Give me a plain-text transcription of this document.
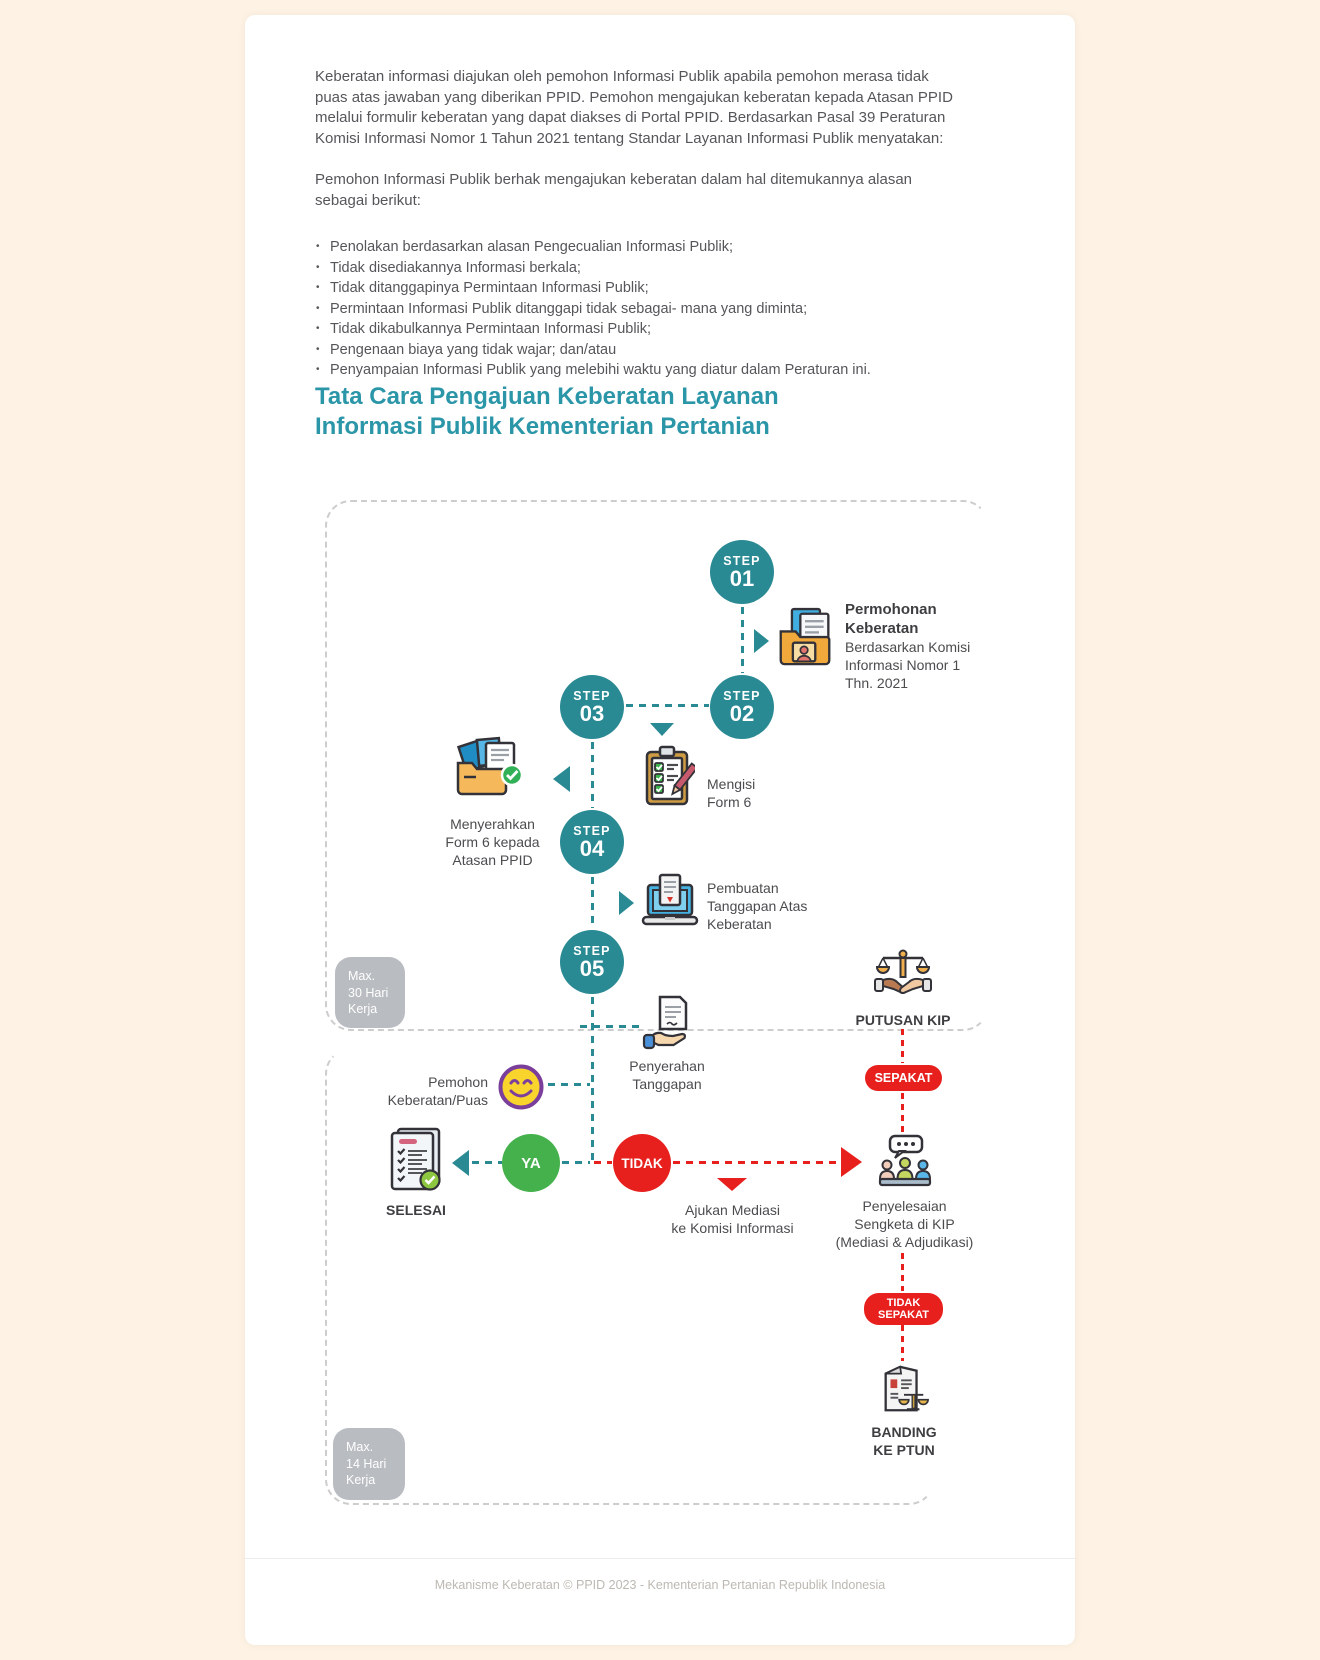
Keberatan informasi diajukan oleh pemohon Informasi Publik apabila pemohon merasa tidak puas atas jawaban yang diberikan PPID. Pemohon mengajukan keberatan kepada Atasan PPID melalui formulir keberatan yang dapat diakses di Portal PPID. Berdasarkan Pasal 39 Peraturan Komisi Informasi Nomor 1 Tahun 2021 tentang Standar Layanan Informasi Publik menyatakan:
Pemohon Informasi Publik berhak mengajukan keberatan dalam hal ditemukannya alasan sebagai berikut:
• Penolakan berdasarkan alasan Pengecualian Informasi Publik;
• Tidak disediakannya Informasi berkala;
• Tidak ditanggapinya Permintaan Informasi Publik;
• Permintaan Informasi Publik ditanggapi tidak sebagai- mana yang diminta;
• Tidak dikabulkannya Permintaan Informasi Publik;
• Pengenaan biaya yang tidak wajar; dan/atau
• Penyampaian Informasi Publik yang melebihi waktu yang diatur dalam Peraturan ini.
Tata Cara Pengajuan Keberatan Layanan
Informasi Publik Kementerian Pertanian
Max.
30 Hari
Kerja
Max.
14 Hari
Kerja
STEP
01
STEP
02
STEP
03
STEP
04
STEP
05
Permohonan
Keberatan
Berdasarkan Komisi
Informasi Nomor 1
Thn. 2021
Mengisi
Form 6
Menyerahkan
Form 6 kepada
Atasan PPID
Pembuatan
Tanggapan Atas
Keberatan
Penyerahan
Tanggapan
Pemohon
Keberatan/Puas
SELESAI
YA	TIDAK
Ajukan Mediasi
ke Komisi Informasi
PUTUSAN KIP
SEPAKAT
Penyelesaian
Sengketa di KIP
(Mediasi & Adjudikasi)
TIDAK
SEPAKAT
BANDING
KE PTUN
Mekanisme Keberatan © PPID 2023 - Kementerian Pertanian Republik Indonesia
